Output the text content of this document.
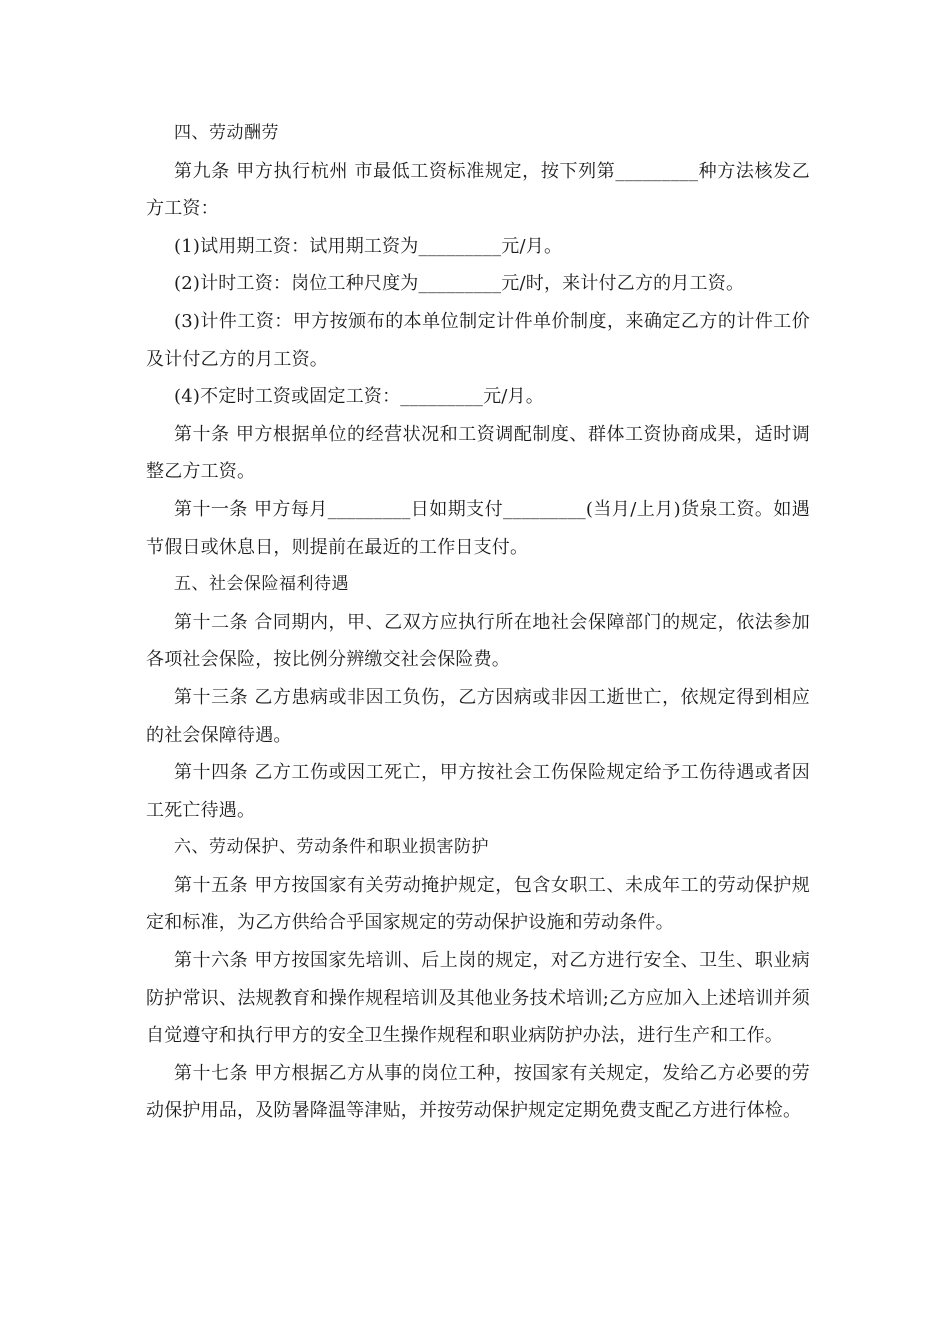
四、劳动酬劳

第九条 甲方执行杭州 市最低工资标准规定，按下列第_________种方法核发乙方工资：

(1)试用期工资：试用期工资为_________元/月。

(2)计时工资：岗位工种尺度为_________元/时，来计付乙方的月工资。

(3)计件工资：甲方按颁布的本单位制定计件单价制度，来确定乙方的计件工价及计付乙方的月工资。

(4)不定时工资或固定工资：_________元/月。

第十条 甲方根据单位的经营状况和工资调配制度、群体工资协商成果，适时调整乙方工资。

第十一条 甲方每月_________日如期支付_________(当月/上月)货泉工资。如遇节假日或休息日，则提前在最近的工作日支付。

五、社会保险福利待遇

第十二条 合同期内，甲、乙双方应执行所在地社会保障部门的规定，依法参加各项社会保险，按比例分辨缴交社会保险费。

第十三条 乙方患病或非因工负伤，乙方因病或非因工逝世亡，依规定得到相应的社会保障待遇。

第十四条 乙方工伤或因工死亡，甲方按社会工伤保险规定给予工伤待遇或者因工死亡待遇。

六、劳动保护、劳动条件和职业损害防护

第十五条 甲方按国家有关劳动掩护规定，包含女职工、未成年工的劳动保护规定和标准，为乙方供给合乎国家规定的劳动保护设施和劳动条件。

第十六条 甲方按国家先培训、后上岗的规定，对乙方进行安全、卫生、职业病防护常识、法规教育和操作规程培训及其他业务技术培训;乙方应加入上述培训并须自觉遵守和执行甲方的安全卫生操作规程和职业病防护办法，进行生产和工作。

第十七条 甲方根据乙方从事的岗位工种，按国家有关规定，发给乙方必要的劳动保护用品，及防暑降温等津贴，并按劳动保护规定定期免费支配乙方进行体检。
